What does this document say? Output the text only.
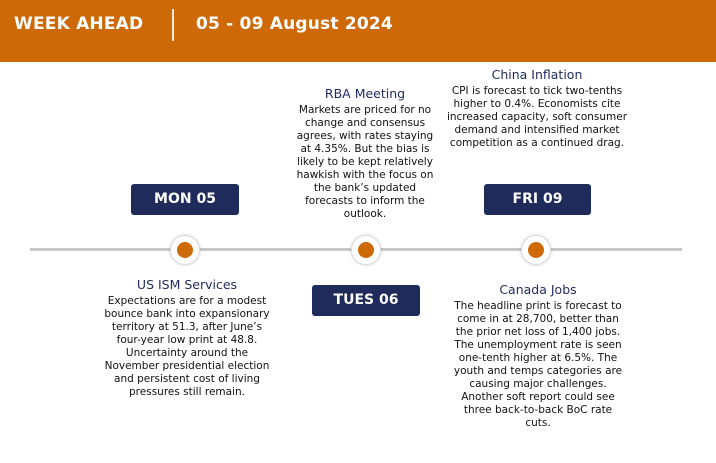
WEEK AHEAD	05 - 09 August 2024
MON 05
TUES 06
FRI 09
RBA Meeting
Markets are priced for no change and consensus agrees, with rates staying at 4.35%. But the bias is likely to be kept relatively hawkish with the focus on the bank’s updated forecasts to inform the outlook.
China Inflation
CPI is forecast to tick two-tenths higher to 0.4%. Economists cite increased capacity, soft consumer demand and intensified market competition as a continued drag.
US ISM Services
Expectations are for a modest bounce bank into expansionary territory at 51.3, after June’s four-year low print at 48.8. Uncertainty around the November presidential election and persistent cost of living pressures still remain.
Canada Jobs
The headline print is forecast to come in at 28,700, better than the prior net loss of 1,400 jobs. The unemployment rate is seen one-tenth higher at 6.5%. The youth and temps categories are causing major challenges. Another soft report could see three back-to-back BoC rate cuts.
